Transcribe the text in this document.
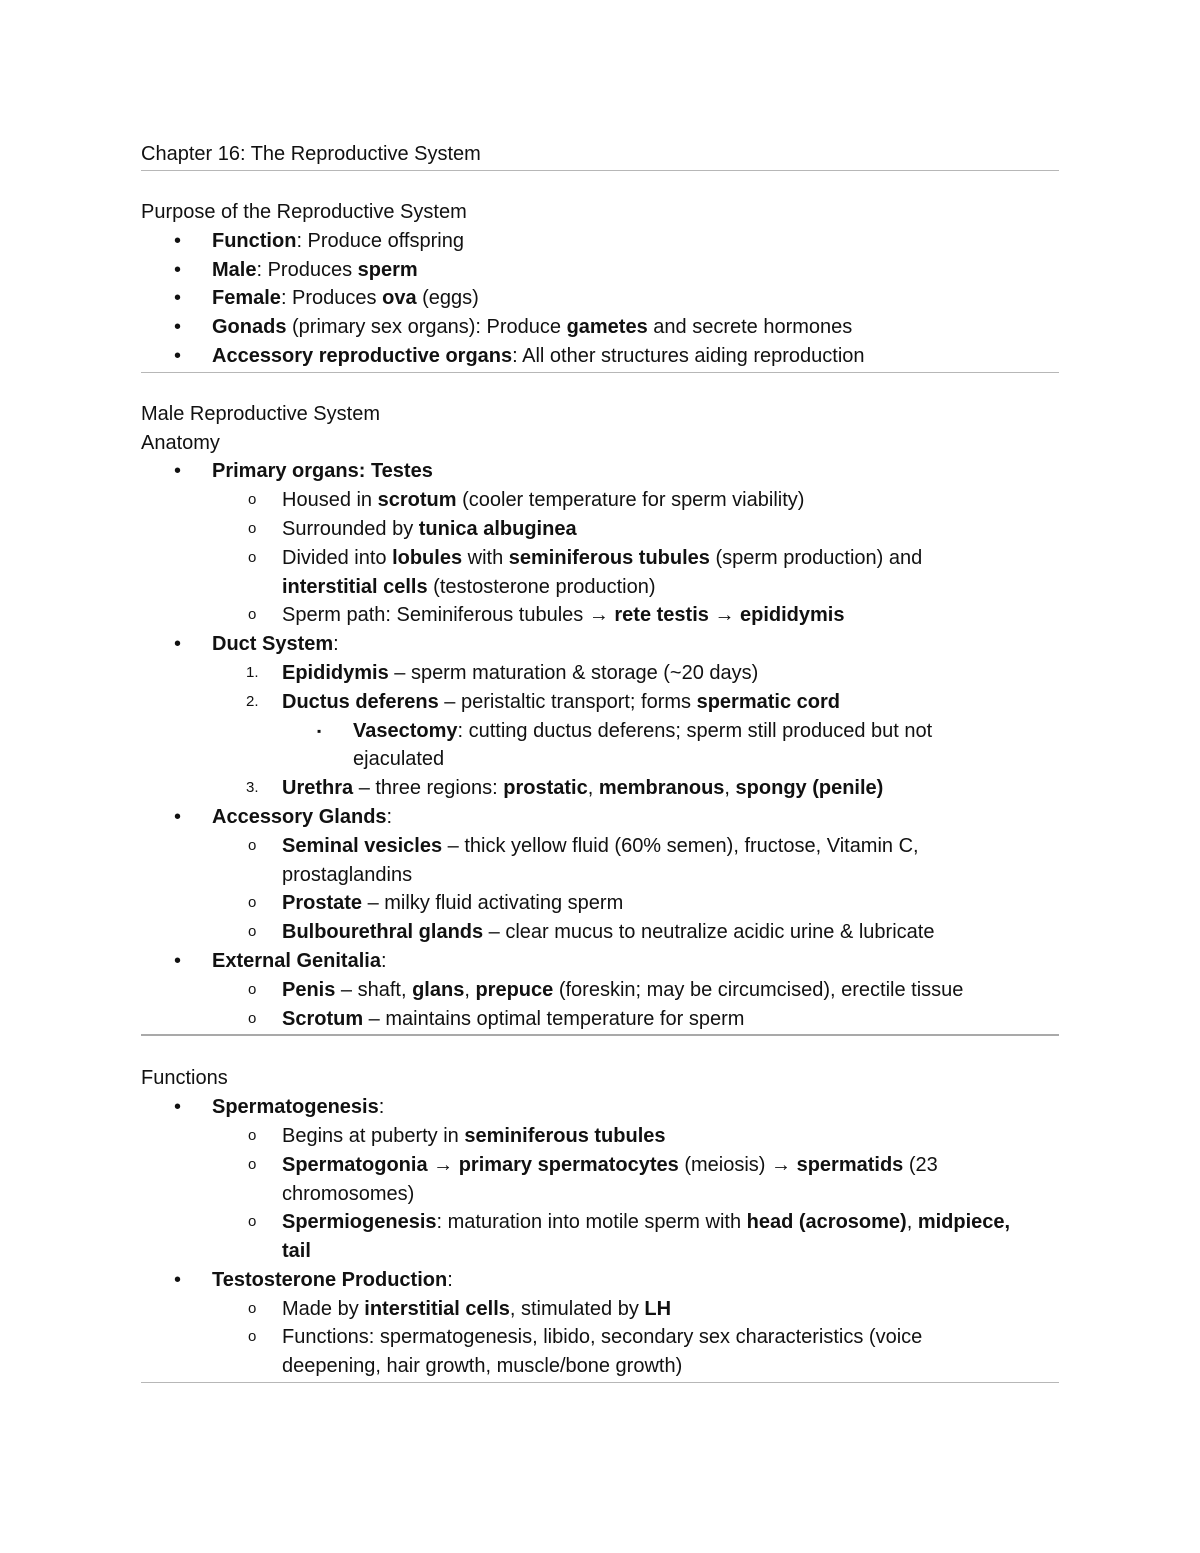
Chapter 16: The Reproductive System
Purpose of the Reproductive System
• Function: Produce offspring
• Male: Produces sperm
• Female: Produces ova (eggs)
• Gonads (primary sex organs): Produce gametes and secrete hormones
• Accessory reproductive organs: All other structures aiding reproduction
Male Reproductive System
Anatomy
• Primary organs: Testes
o Housed in scrotum (cooler temperature for sperm viability)
o Surrounded by tunica albuginea
o Divided into lobules with seminiferous tubules (sperm production) and
interstitial cells (testosterone production)
o Sperm path: Seminiferous tubules → rete testis → epididymis
• Duct System:
1. Epididymis – sperm maturation & storage (~20 days)
2. Ductus deferens – peristaltic transport; forms spermatic cord
▪ Vasectomy: cutting ductus deferens; sperm still produced but not
ejaculated
3. Urethra – three regions: prostatic, membranous, spongy (penile)
• Accessory Glands:
o Seminal vesicles – thick yellow fluid (60% semen), fructose, Vitamin C,
prostaglandins
o Prostate – milky fluid activating sperm
o Bulbourethral glands – clear mucus to neutralize acidic urine & lubricate
• External Genitalia:
o Penis – shaft, glans, prepuce (foreskin; may be circumcised), erectile tissue
o Scrotum – maintains optimal temperature for sperm
Functions
• Spermatogenesis:
o Begins at puberty in seminiferous tubules
o Spermatogonia → primary spermatocytes (meiosis) → spermatids (23
chromosomes)
o Spermiogenesis: maturation into motile sperm with head (acrosome), midpiece,
tail
• Testosterone Production:
o Made by interstitial cells, stimulated by LH
o Functions: spermatogenesis, libido, secondary sex characteristics (voice
deepening, hair growth, muscle/bone growth)
